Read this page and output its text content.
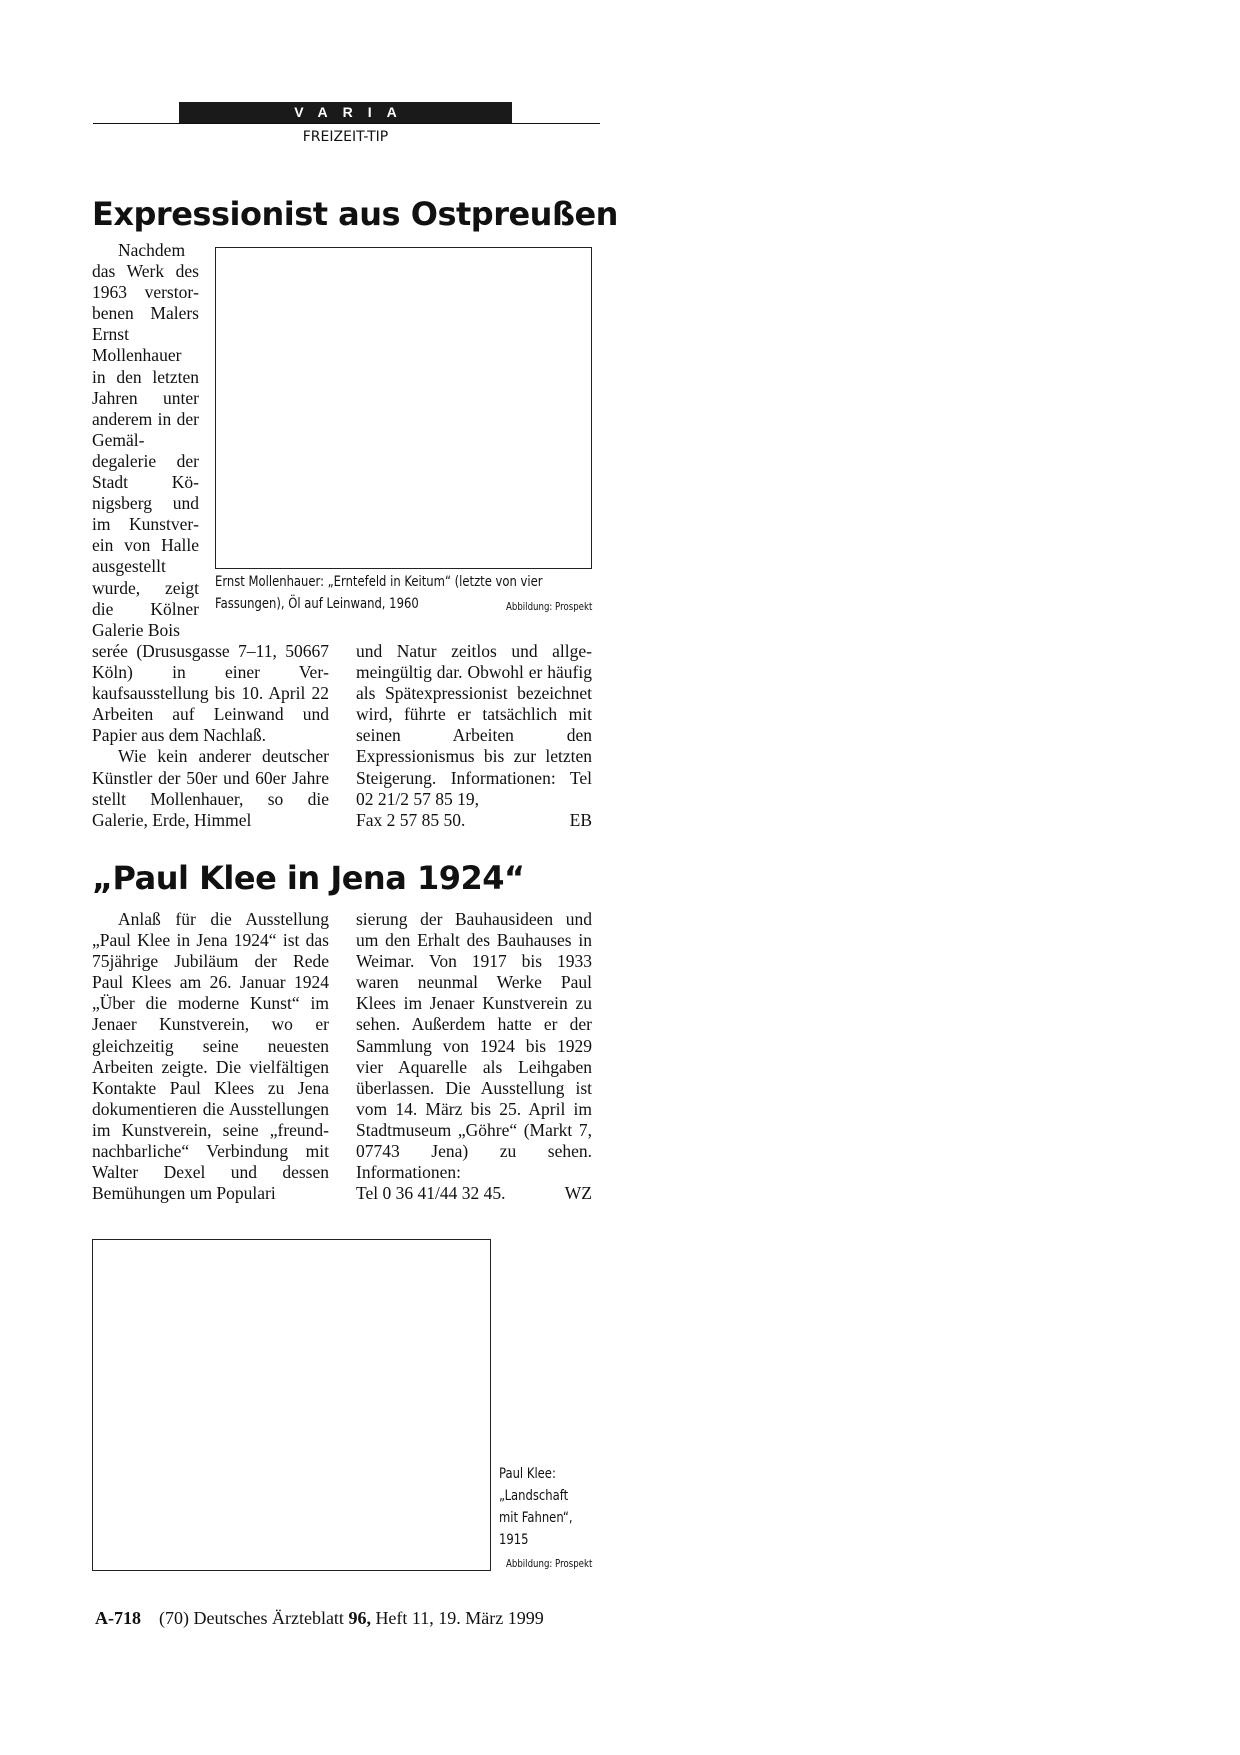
VARIA
FREIZEIT-TIP
Expressionist aus Ostpreußen

Nachdem das Werk des 1963 verstorbenen Malers Ernst Mollenhauer in den letzten Jahren unter anderem in der Gemäldegalerie der Stadt Königsberg und im Kunstverein von Halle ausgestellt wurde, zeigt die Kölner Galerie Bois

Ernst Mollenhauer: „Erntefeld in Keitum“ (letzte von vier Fassungen), Öl auf Leinwand, 1960	Abbildung: Prospekt

serée (Drususgasse 7–11, 50667 Köln) in einer Verkaufsausstellung bis 10. April 22 Arbeiten auf Leinwand und Papier aus dem Nachlaß.

Wie kein anderer deutscher Künstler der 50er und 60er Jahre stellt Mollenhauer, so die Galerie, Erde, Himmel

und Natur zeitlos und allgemeingültig dar. Obwohl er häufig als Spätexpressionist bezeichnet wird, führte er tatsächlich mit seinen Arbeiten den Expressionismus bis zur letzten Steigerung. Informationen: Tel 02 21/2 57 85 19,

Fax 2 57 85 50.	EB
„Paul Klee in Jena 1924“

Anlaß für die Ausstellung „Paul Klee in Jena 1924“ ist das 75jährige Jubiläum der Rede Paul Klees am 26. Januar 1924 „Über die moderne Kunst“ im Jenaer Kunstverein, wo er gleichzeitig seine neuesten Arbeiten zeigte. Die vielfältigen Kontakte Paul Klees zu Jena dokumentieren die Ausstellungen im Kunstverein, seine „freundnachbarliche“ Verbindung mit Walter Dexel und dessen Bemühungen um Populari

sierung der Bauhausideen und um den Erhalt des Bauhauses in Weimar. Von 1917 bis 1933 waren neunmal Werke Paul Klees im Jenaer Kunstverein zu sehen. Außerdem hatte er der Sammlung von 1924 bis 1929 vier Aquarelle als Leihgaben überlassen. Die Ausstellung ist vom 14. März bis 25. April im Stadtmuseum „Göhre“ (Markt 7, 07743 Jena) zu sehen. Informationen:

Tel 0 36 41/44 32 45.	WZ
Paul Klee: „Landschaft mit Fahnen“, 1915
Abbildung: Prospekt
A-718 (70) Deutsches Ärzteblatt 96, Heft 11, 19. März 1999
